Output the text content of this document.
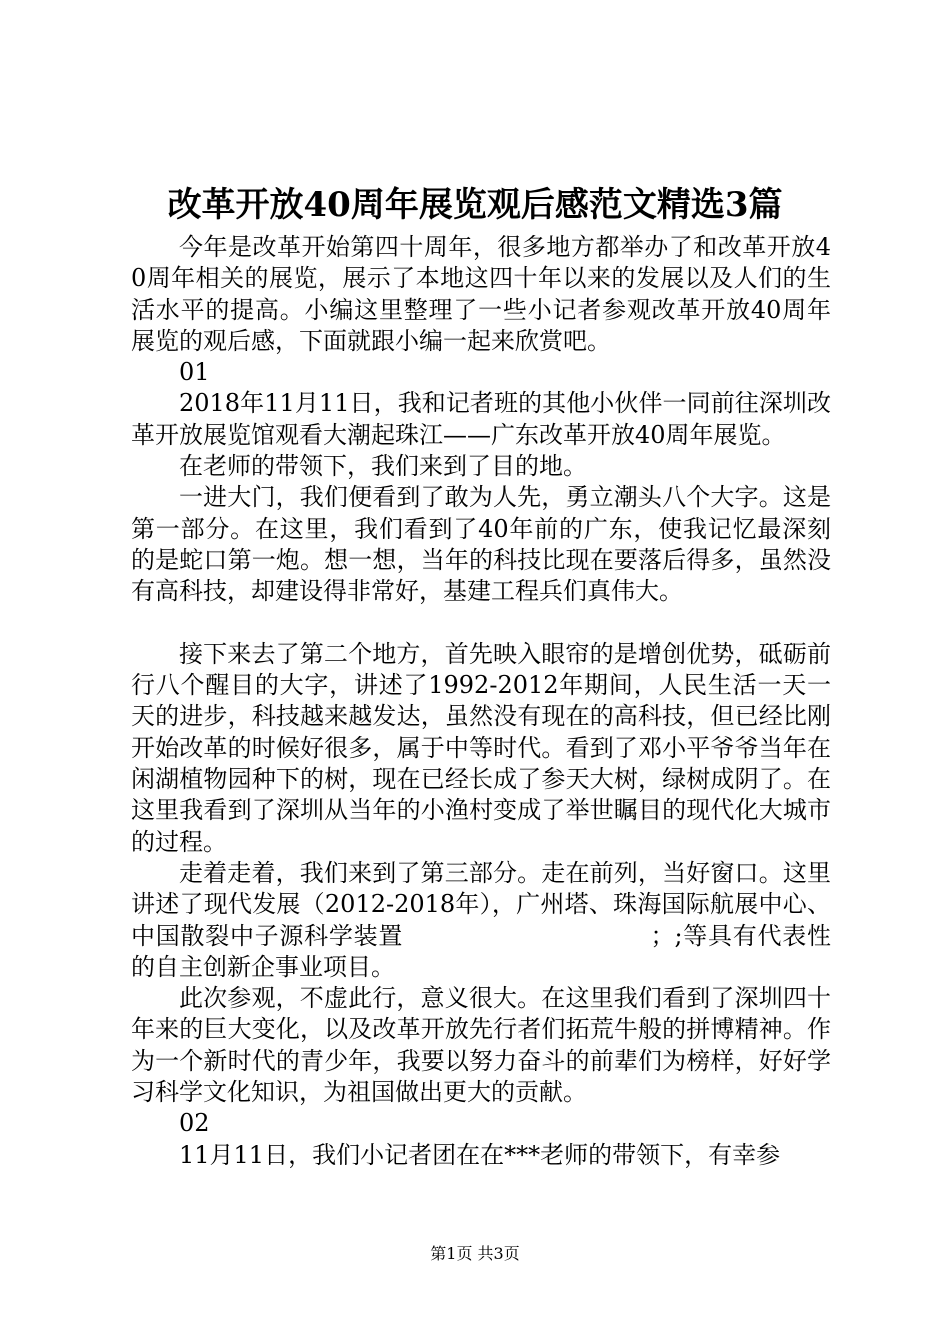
改革开放40周年展览观后感范文精选3篇

今年是改革开始第四十周年，很多地方都举办了和改革开放40周年相关的展览，展示了本地这四十年以来的发展以及人们的生活水平的提高。小编这里整理了一些小记者参观改革开放40周年展览的观后感，下面就跟小编一起来欣赏吧。

01

2018年11月11日，我和记者班的其他小伙伴一同前往深圳改革开放展览馆观看大潮起珠江——广东改革开放40周年展览。

在老师的带领下，我们来到了目的地。

一进大门，我们便看到了敢为人先，勇立潮头八个大字。这是第一部分。在这里，我们看到了40年前的广东，使我记忆最深刻的是蛇口第一炮。想一想，当年的科技比现在要落后得多，虽然没有高科技，却建设得非常好，基建工程兵们真伟大。

接下来去了第二个地方，首先映入眼帘的是增创优势，砥砺前行八个醒目的大字，讲述了1992-2012年期间，人民生活一天一天的进步，科技越来越发达，虽然没有现在的高科技，但已经比刚开始改革的时候好很多，属于中等时代。看到了邓小平爷爷当年在闲湖植物园种下的树，现在已经长成了参天大树，绿树成阴了。在这里我看到了深圳从当年的小渔村变成了举世瞩目的现代化大城市的过程。

走着走着，我们来到了第三部分。走在前列，当好窗口。这里讲述了现代发展（2012-2018年），广州塔、珠海国际航展中心、中国散裂中子源科学装置　　　　　　　　　　；;等具有代表性的自主创新企事业项目。

此次参观，不虚此行，意义很大。在这里我们看到了深圳四十年来的巨大变化，以及改革开放先行者们拓荒牛般的拼博精神。作为一个新时代的青少年，我要以努力奋斗的前辈们为榜样，好好学习科学文化知识，为祖国做出更大的贡献。

02

11月11日，我们小记者团在在***老师的带领下，有幸参

第1页 共3页
